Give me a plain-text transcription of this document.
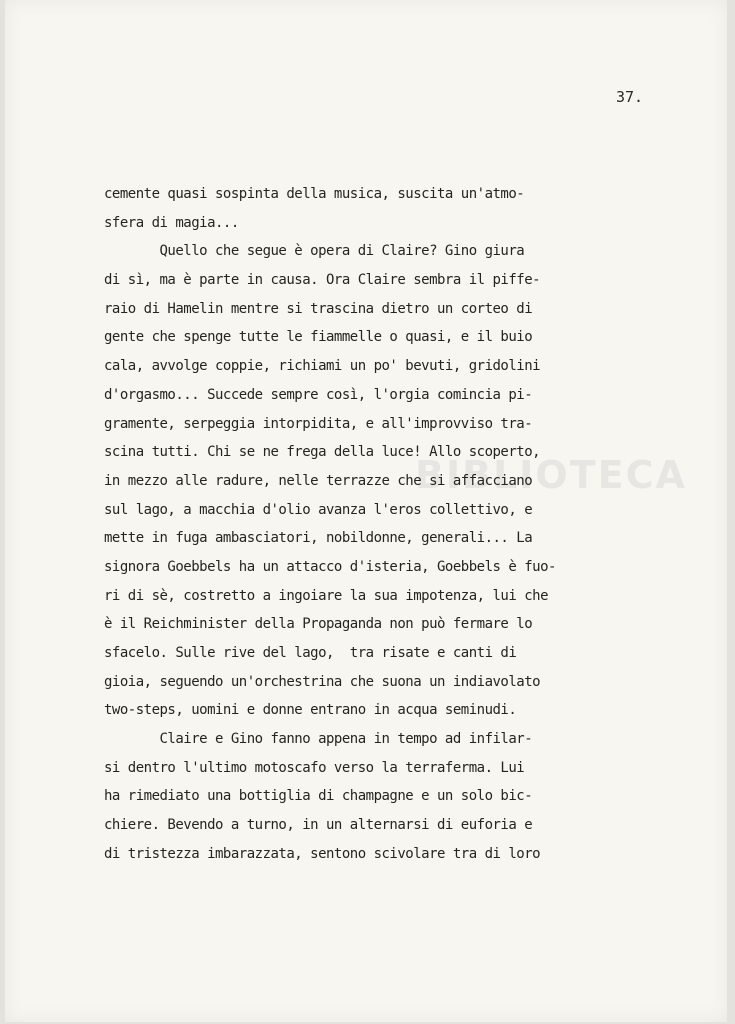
BIBLIOTECA
37.
cemente quasi sospinta della musica, suscita un'atmo-
sfera di magia...
Quello che segue è opera di Claire? Gino giura
di sì, ma è parte in causa. Ora Claire sembra il piffe-
raio di Hamelin mentre si trascina dietro un corteo di
gente che spenge tutte le fiammelle o quasi, e il buio
cala, avvolge coppie, richiami un po' bevuti, gridolini
d'orgasmo... Succede sempre così, l'orgia comincia pi-
gramente, serpeggia intorpidita, e all'improvviso tra-
scina tutti. Chi se ne frega della luce! Allo scoperto,
in mezzo alle radure, nelle terrazze che si affacciano
sul lago, a macchia d'olio avanza l'eros collettivo, e
mette in fuga ambasciatori, nobildonne, generali... La
signora Goebbels ha un attacco d'isteria, Goebbels è fuo-
ri di sè, costretto a ingoiare la sua impotenza, lui che
è il Reichminister della Propaganda non può fermare lo
sfacelo. Sulle rive del lago,  tra risate e canti di
gioia, seguendo un'orchestrina che suona un indiavolato
two-steps, uomini e donne entrano in acqua seminudi.
Claire e Gino fanno appena in tempo ad infilar-
si dentro l'ultimo motoscafo verso la terraferma. Lui
ha rimediato una bottiglia di champagne e un solo bic-
chiere. Bevendo a turno, in un alternarsi di euforia e
di tristezza imbarazzata, sentono scivolare tra di loro
